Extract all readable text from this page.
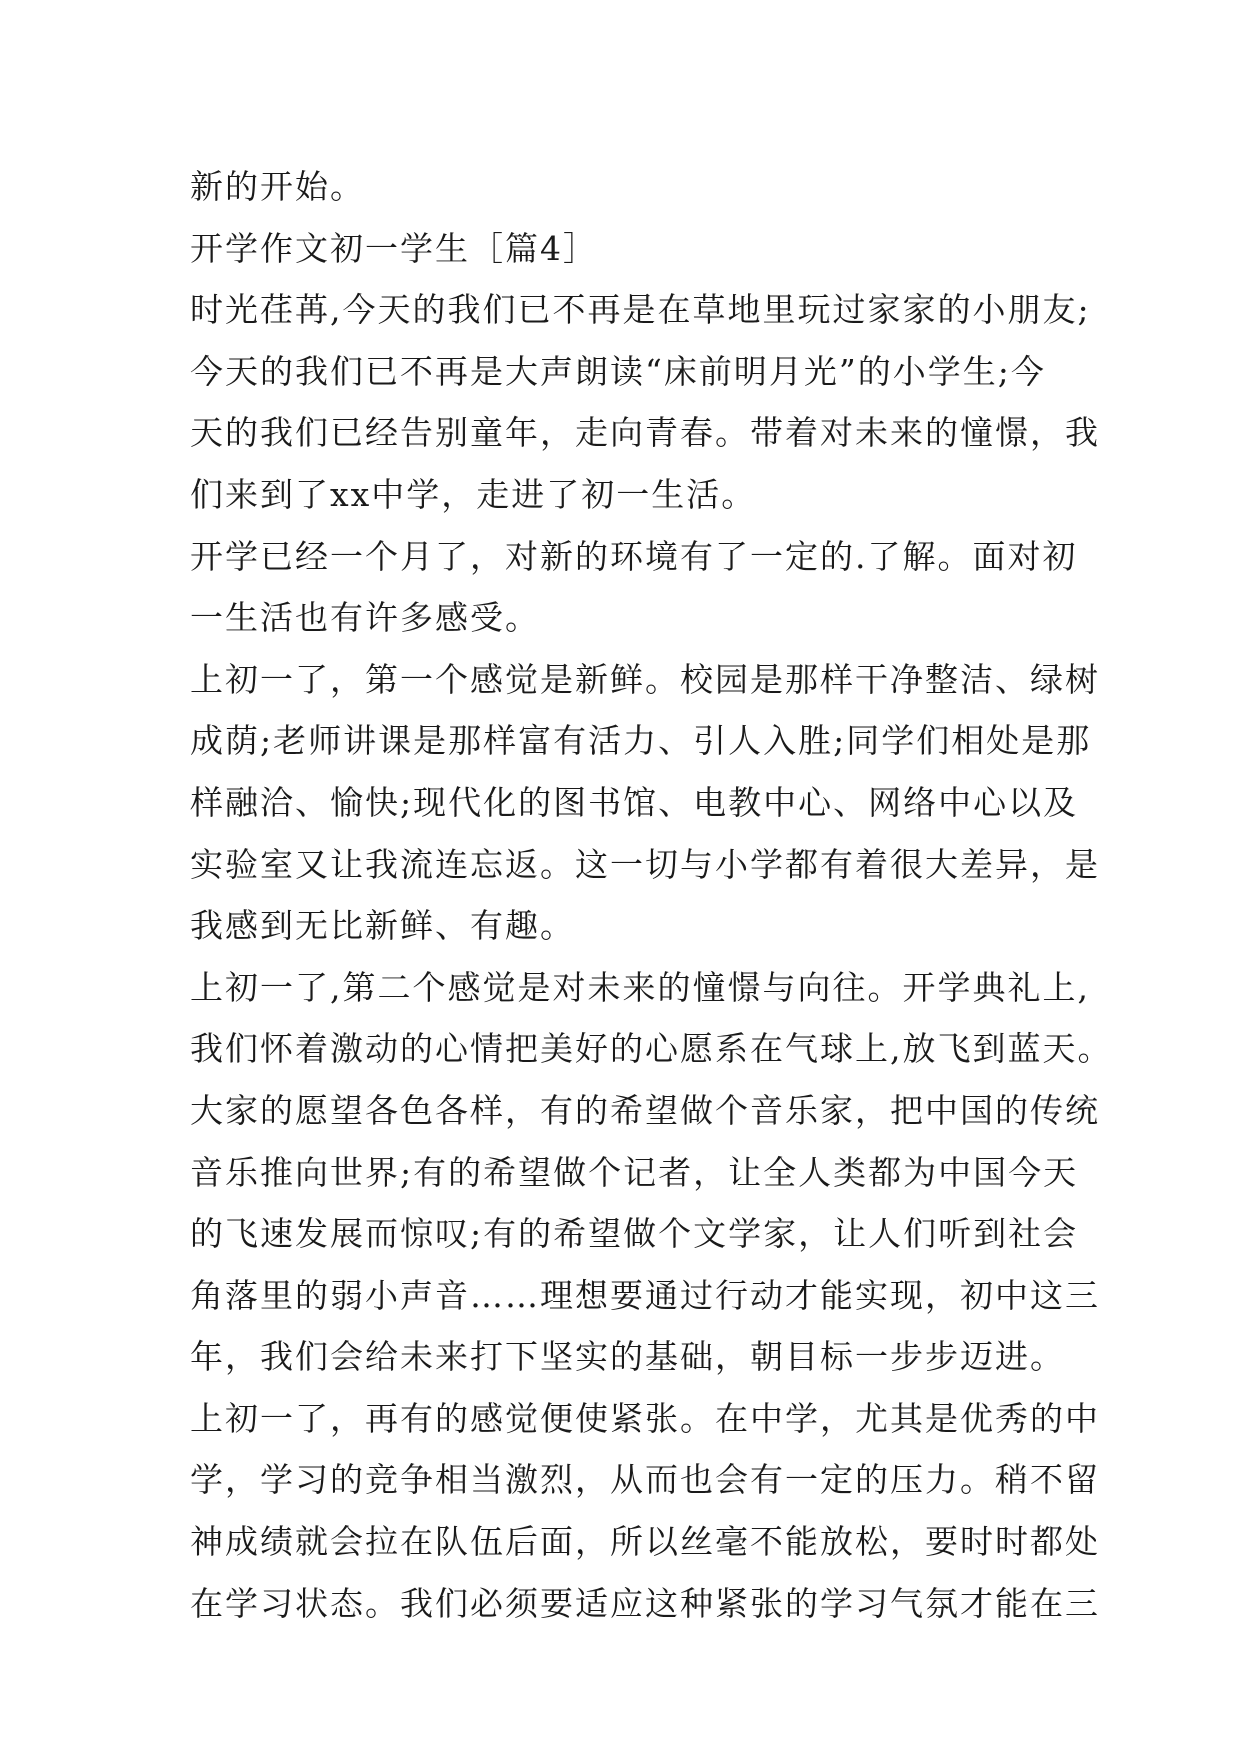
新的开始。
开学作文初一学生［篇4］
时光荏苒,今天的我们已不再是在草地里玩过家家的小朋友;
今天的我们已不再是大声朗读“床前明月光”的小学生;今
天的我们已经告别童年，走向青春。带着对未来的憧憬，我
们来到了xx中学，走进了初一生活。
开学已经一个月了，对新的环境有了一定的.了解。面对初
一生活也有许多感受。
上初一了，第一个感觉是新鲜。校园是那样干净整洁、绿树
成荫;老师讲课是那样富有活力、引人入胜;同学们相处是那
样融洽、愉快;现代化的图书馆、电教中心、网络中心以及
实验室又让我流连忘返。这一切与小学都有着很大差异，是
我感到无比新鲜、有趣。
上初一了,第二个感觉是对未来的憧憬与向往。开学典礼上,
我们怀着激动的心情把美好的心愿系在气球上,放飞到蓝天。
大家的愿望各色各样，有的希望做个音乐家，把中国的传统
音乐推向世界;有的希望做个记者，让全人类都为中国今天
的飞速发展而惊叹;有的希望做个文学家，让人们听到社会
角落里的弱小声音……理想要通过行动才能实现，初中这三
年，我们会给未来打下坚实的基础，朝目标一步步迈进。
上初一了，再有的感觉便使紧张。在中学，尤其是优秀的中
学，学习的竞争相当激烈，从而也会有一定的压力。稍不留
神成绩就会拉在队伍后面，所以丝毫不能放松，要时时都处
在学习状态。我们必须要适应这种紧张的学习气氛才能在三
